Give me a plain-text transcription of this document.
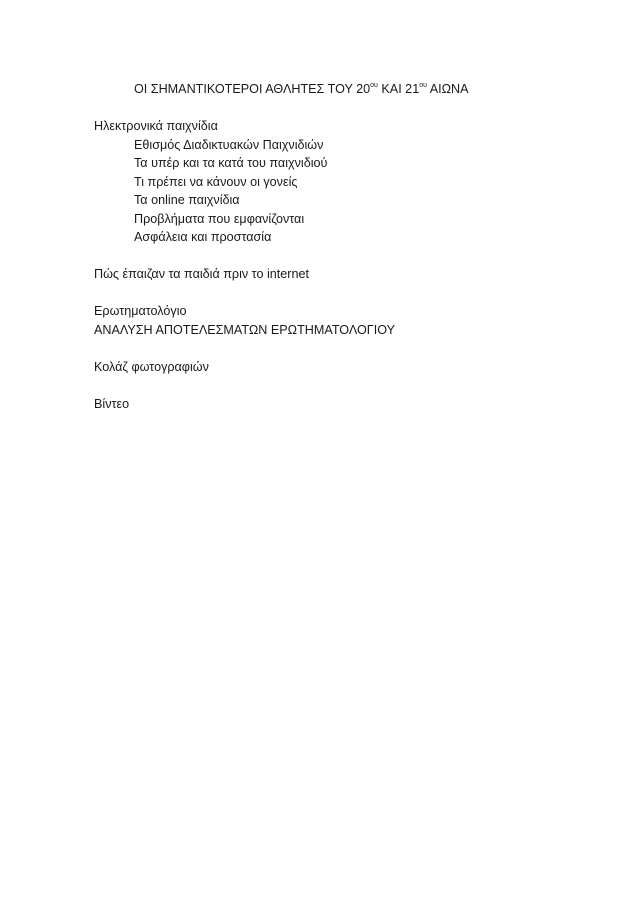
ΟΙ ΣΗΜΑΝΤΙΚΟΤΕΡΟΙ ΑΘΛΗΤΕΣ ΤΟΥ $20^{o\upsilon}$ ΚΑΙ $21^{o\upsilon}$ ΑΙΩΝΑ
Ηλεκτρονικά παιχνίδια
Εθισμός Διαδικτυακών Παιχνιδιών
Τα υπέρ και τα κατά του παιχνιδιού
Τι πρέπει να κάνουν οι γονείς
Τα online παιχνίδια
Προβλήματα που εμφανίζονται
Ασφάλεια και προστασία
Πώς έπαιζαν τα παιδιά πριν το internet
Ερωτηματολόγιο
ΑΝΑΛΥΣΗ ΑΠΟΤΕΛΕΣΜΑΤΩΝ ΕΡΩΤΗΜΑΤΟΛΟΓΙΟΥ
Κολάζ φωτογραφιών
Βίντεο
